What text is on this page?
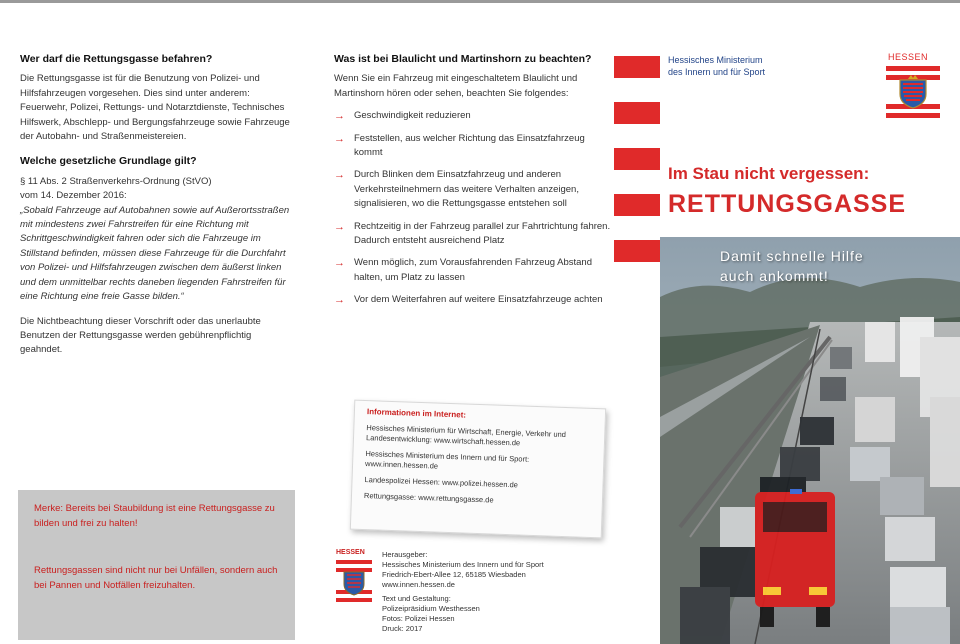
Wer darf die Rettungsgasse befahren?
Die Rettungsgasse ist für die Benutzung von Polizei- und Hilfsfahrzeugen vorgesehen. Dies sind unter anderem: Feuerwehr, Polizei, Rettungs- und Notarztdienste, Technisches Hilfswerk, Abschlepp- und Bergungsfahrzeuge sowie Fahrzeuge der Autobahn- und Straßenmeistereien.
Welche gesetzliche Grundlage gilt?
§ 11 Abs. 2 Straßenverkehrs-Ordnung (StVO)
vom 14. Dezember 2016:
„Sobald Fahrzeuge auf Autobahnen sowie auf Außerortsstraßen mit mindestens zwei Fahrstreifen für eine Richtung mit Schrittgeschwindigkeit fahren oder sich die Fahrzeuge im Stillstand befinden, müssen diese Fahrzeuge für die Durchfahrt von Polizei- und Hilfsfahrzeugen zwischen dem äußerst linken und dem unmittelbar rechts daneben liegenden Fahrstreifen für eine Richtung eine freie Gasse bilden.“
Die Nichtbeachtung dieser Vorschrift oder das unerlaubte Benutzen der Rettungsgasse werden gebührenpflichtig geahndet.
Merke: Bereits bei Staubildung ist eine Rettungsgasse zu bilden und frei zu halten!
Rettungsgassen sind nicht nur bei Unfällen, sondern auch bei Pannen und Notfällen freizuhalten.
Was ist bei Blaulicht und Martinshorn zu beachten?
Wenn Sie ein Fahrzeug mit eingeschaltetem Blaulicht und Martinshorn hören oder sehen, beachten Sie folgendes:
→ Geschwindigkeit reduzieren
→ Feststellen, aus welcher Richtung das Einsatzfahrzeug kommt
→ Durch Blinken dem Einsatzfahrzeug und anderen Verkehrsteilnehmern das weitere Verhalten anzeigen, signalisieren, wo die Rettungsgasse entstehen soll
→ Rechtzeitig in der Fahrzeug parallel zur Fahrtrichtung fahren. Dadurch entsteht ausreichend Platz
→ Wenn möglich, zum Vorausfahrenden Fahrzeug Abstand halten, um Platz zu lassen
→ Vor dem Weiterfahren auf weitere Einsatzfahrzeuge achten
Informationen im Internet:
Hessisches Ministerium für Wirtschaft, Energie, Verkehr und Landesentwicklung: www.wirtschaft.hessen.de
Hessisches Ministerium des Innern und für Sport: www.innen.hessen.de
Landespolizei Hessen: www.polizei.hessen.de
Rettungsgasse: www.rettungsgasse.de
HESSEN Herausgeber:
Hessisches Ministerium des Innern und für Sport
Friedrich-Ebert-Allee 12, 65185 Wiesbaden
www.innen.hessen.de
Text und Gestaltung:
Polizeipräsidium Westhessen
Fotos: Polizei Hessen
Druck: 2017
Hessisches Ministerium
des Innern und für Sport
HESSEN
Im Stau nicht vergessen:
RETTUNGSGASSE
Damit schnelle Hilfe
auch ankommt!
